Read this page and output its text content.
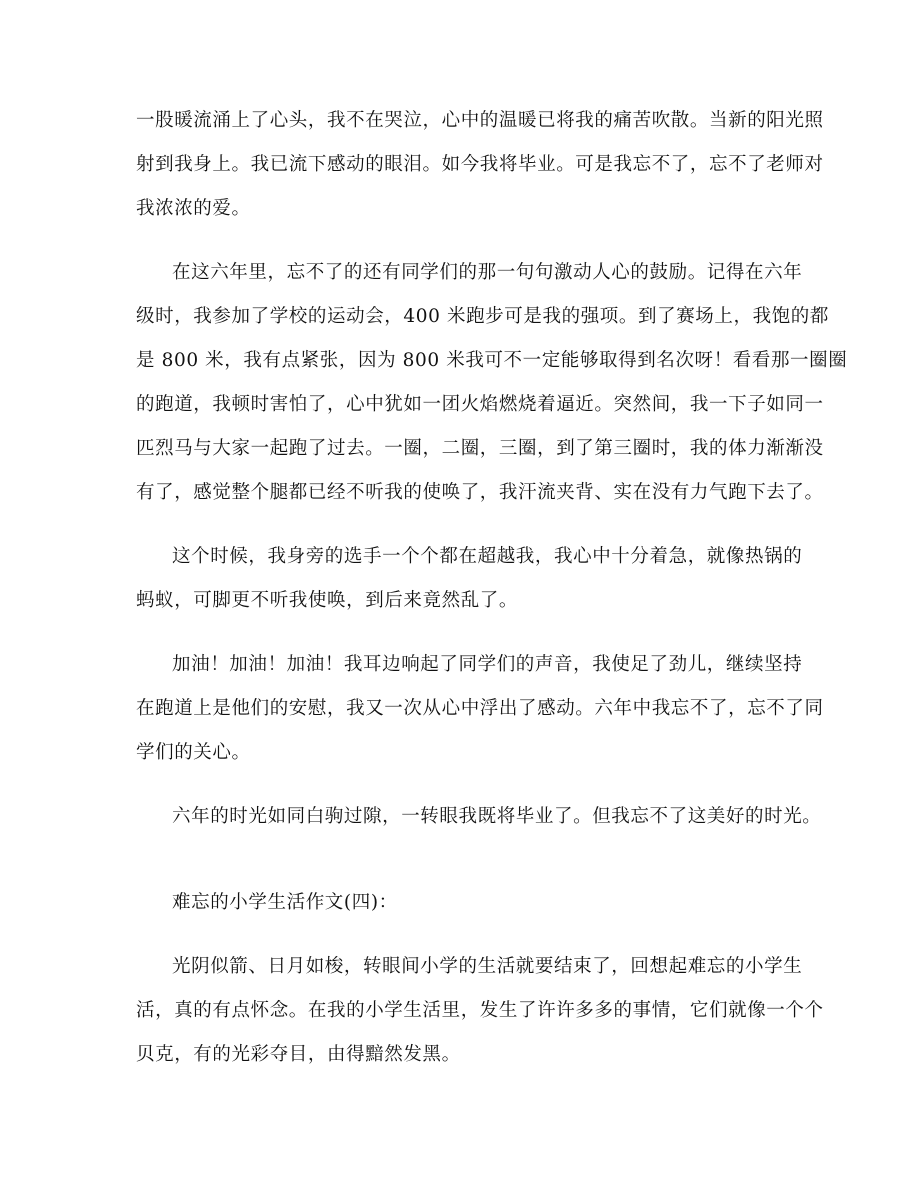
一股暖流涌上了心头，我不在哭泣，心中的温暖已将我的痛苦吹散。当新的阳光照

射到我身上。我已流下感动的眼泪。如今我将毕业。可是我忘不了，忘不了老师对

我浓浓的爱。

在这六年里，忘不了的还有同学们的那一句句激动人心的鼓励。记得在六年

级时，我参加了学校的运动会，400 米跑步可是我的强项。到了赛场上，我饱的都

是 800 米，我有点紧张，因为 800 米我可不一定能够取得到名次呀！看看那一圈圈

的跑道，我顿时害怕了，心中犹如一团火焰燃烧着逼近。突然间，我一下子如同一

匹烈马与大家一起跑了过去。一圈，二圈，三圈，到了第三圈时，我的体力渐渐没

有了，感觉整个腿都已经不听我的使唤了，我汗流夹背、实在没有力气跑下去了。

这个时候，我身旁的选手一个个都在超越我，我心中十分着急，就像热锅的

蚂蚁，可脚更不听我使唤，到后来竟然乱了。

加油！加油！加油！我耳边响起了同学们的声音，我使足了劲儿，继续坚持

在跑道上是他们的安慰，我又一次从心中浮出了感动。六年中我忘不了，忘不了同

学们的关心。

六年的时光如同白驹过隙，一转眼我既将毕业了。但我忘不了这美好的时光。

难忘的小学生活作文(四)：

光阴似箭、日月如梭，转眼间小学的生活就要结束了，回想起难忘的小学生

活，真的有点怀念。在我的小学生活里，发生了许许多多的事情，它们就像一个个

贝克，有的光彩夺目，由得黯然发黑。
